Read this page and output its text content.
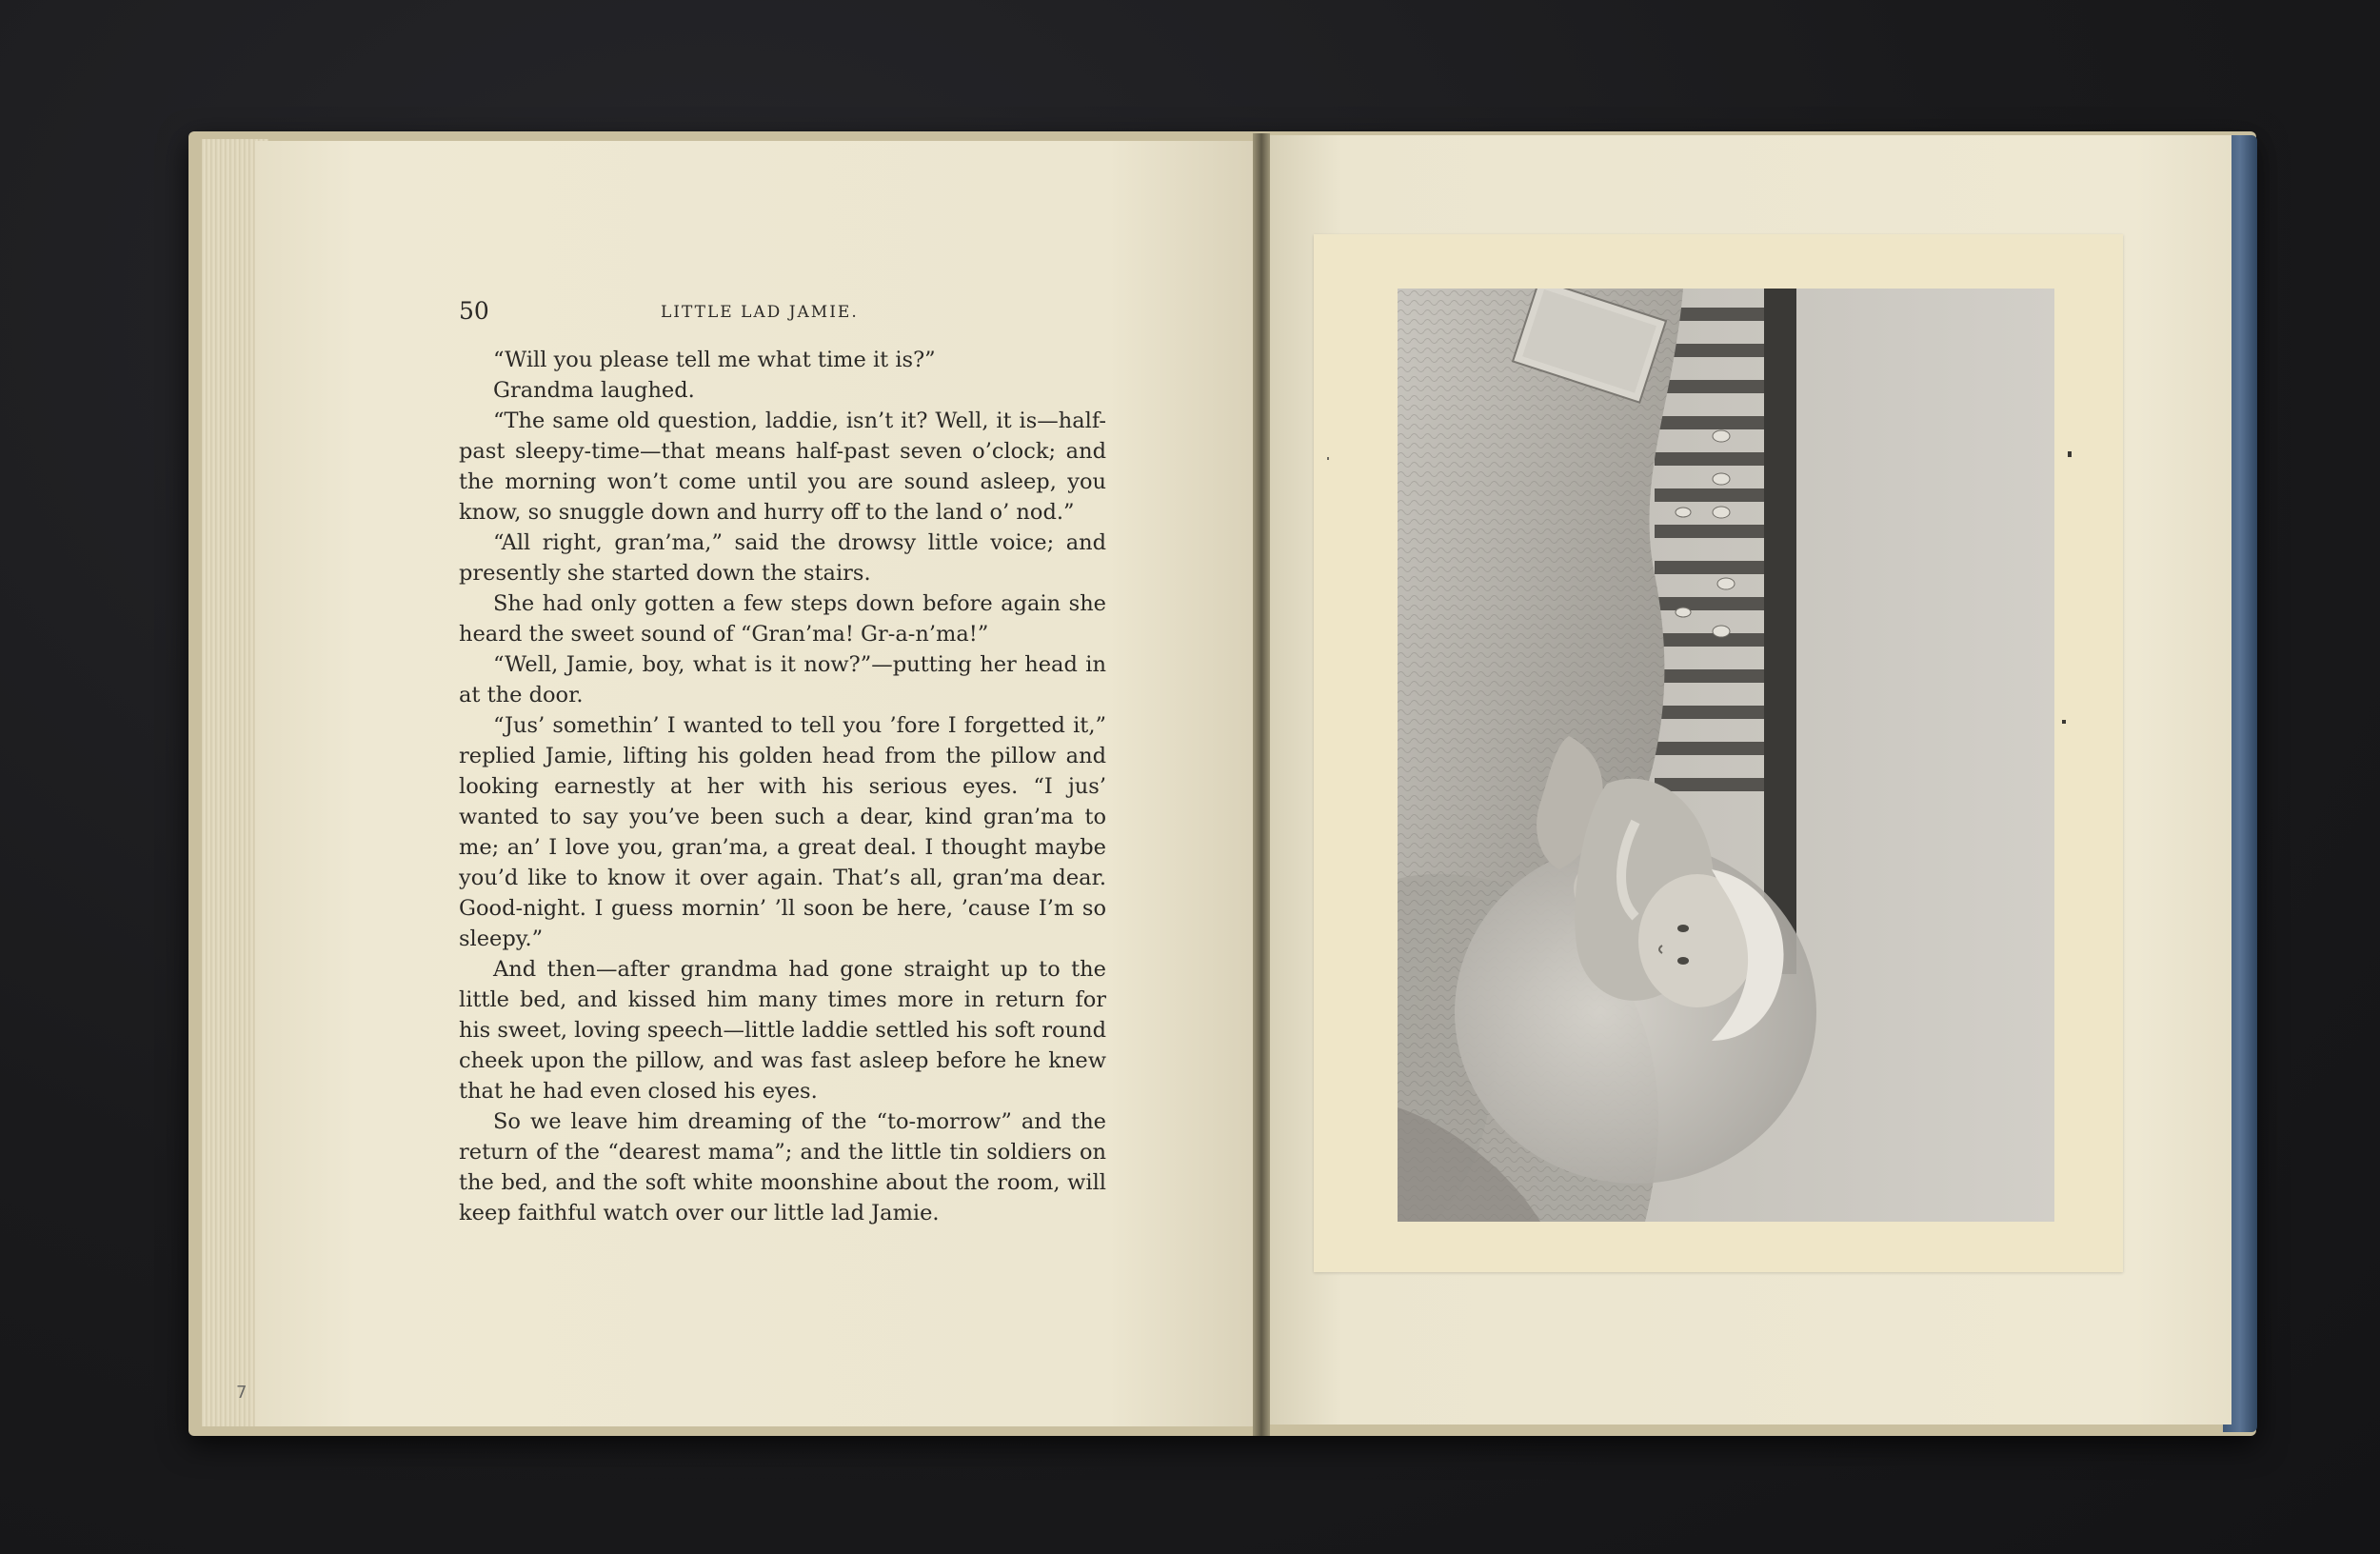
7
50	LITTLE LAD JAMIE.

“Will you please tell me what time it is?”

Grandma laughed.

“The same old question, laddie, isn’t it? Well, it is—half-past sleepy-time—that means half-past seven o’clock; and the morning won’t come until you are sound asleep, you know, so snuggle down and hurry off to the land o’ nod.”

“All right, gran’ma,” said the drowsy little voice; and presently she started down the stairs.

She had only gotten a few steps down before again she heard the sweet sound of “Gran’ma! Gr-a-n’ma!”

“Well, Jamie, boy, what is it now?”—putting her head in at the door.

“Jus’ somethin’ I wanted to tell you ’fore I forgetted it,” replied Jamie, lifting his golden head from the pillow and looking earnestly at her with his serious eyes. “I jus’ wanted to say you’ve been such a dear, kind gran’ma to me; an’ I love you, gran’ma, a great deal. I thought maybe you’d like to know it over again. That’s all, gran’ma dear. Good-night. I guess mornin’ ’ll soon be here, ’cause I’m so sleepy.”

And then—after grandma had gone straight up to the little bed, and kissed him many times more in return for his sweet, loving speech—little laddie settled his soft round cheek upon the pillow, and was fast asleep before he knew that he had even closed his eyes.

So we leave him dreaming of the “to-morrow” and the return of the “dearest mama”; and the little tin soldiers on the bed, and the soft white moonshine about the room, will keep faithful watch over our little lad Jamie.
